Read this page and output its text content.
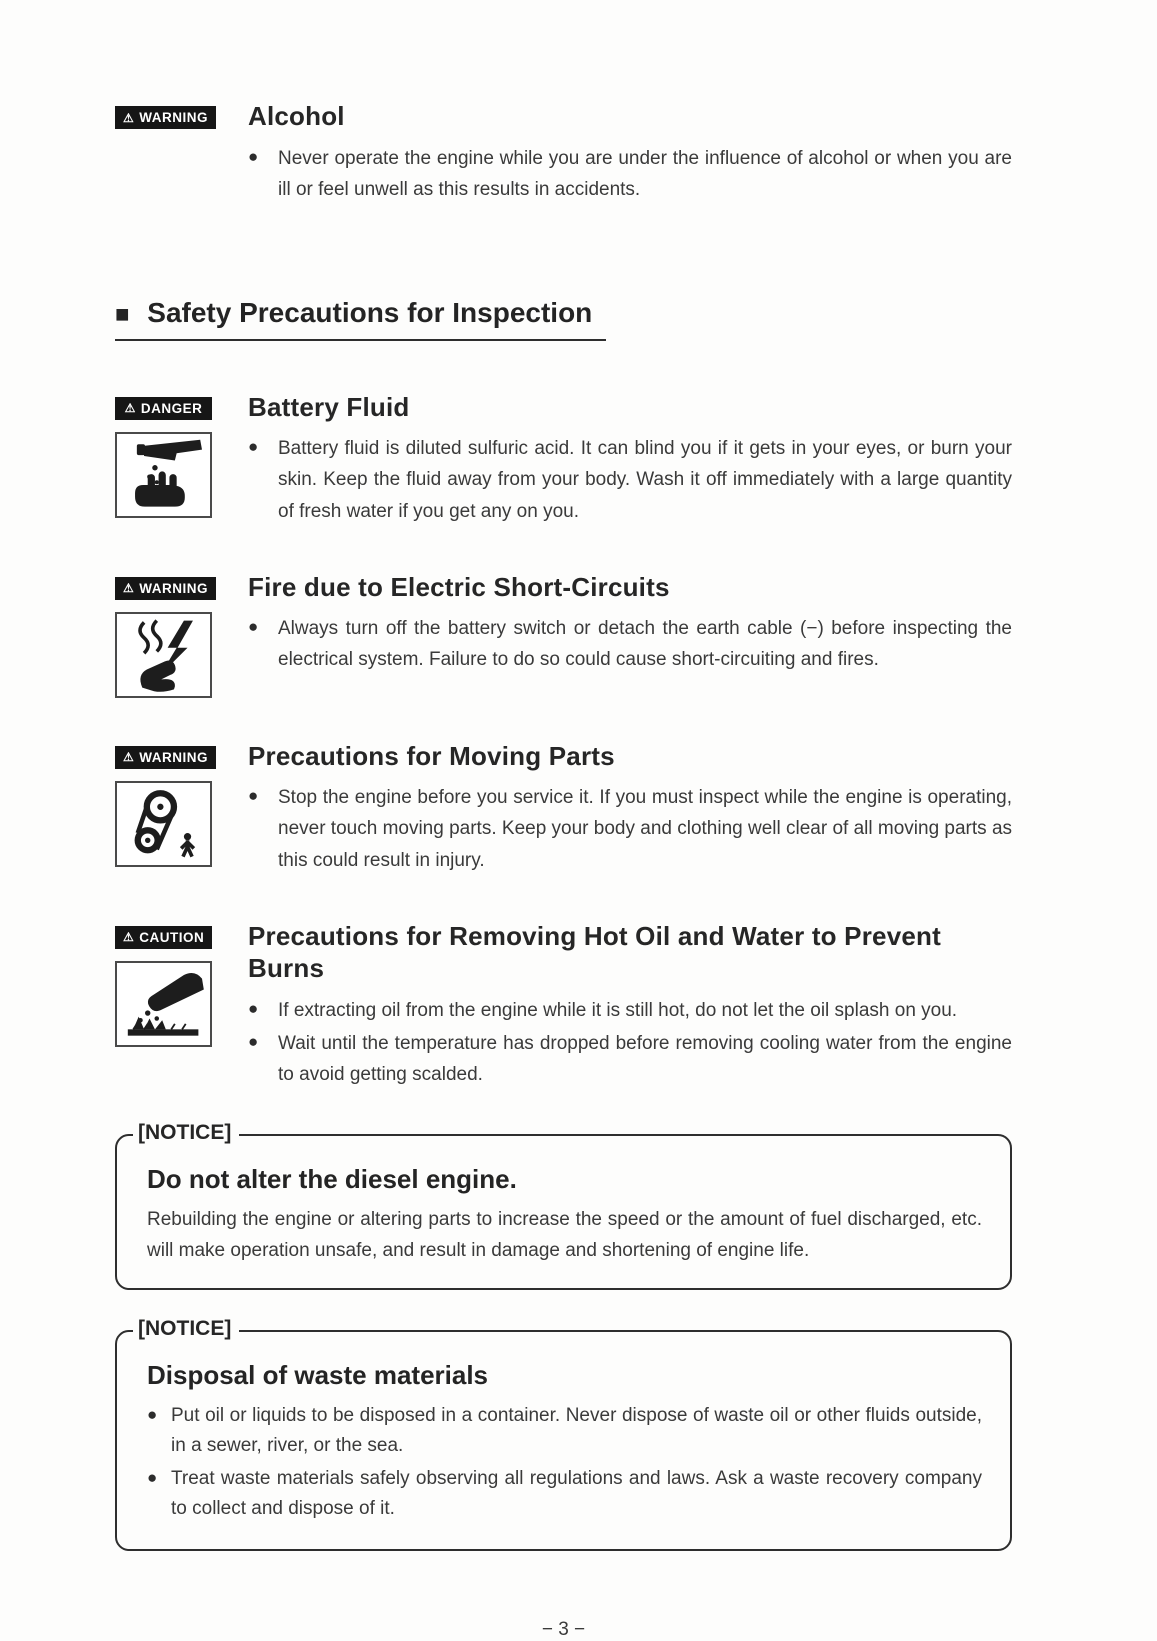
⚠ WARNING Alcohol

● Never operate the engine while you are under the influence of alcohol or when you are ill or feel unwell as this results in accidents.

■ Safety Precautions for Inspection
⚠ DANGER Battery Fluid

● Battery fluid is diluted sulfuric acid. It can blind you if it gets in your eyes, or burn your skin. Keep the fluid away from your body. Wash it off immediately with a large quantity of fresh water if you get any on you.

⚠ WARNING Fire due to Electric Short-Circuits

● Always turn off the battery switch or detach the earth cable (−) before inspecting the electrical system. Failure to do so could cause short-circuiting and fires.

⚠ WARNING Precautions for Moving Parts

● Stop the engine before you service it. If you must inspect while the engine is operating, never touch moving parts. Keep your body and clothing well clear of all moving parts as this could result in injury.

⚠ CAUTION Precautions for Removing Hot Oil and Water to Prevent Burns

● If extracting oil from the engine while it is still hot, do not let the oil splash on you.

● Wait until the temperature has dropped before removing cooling water from the engine to avoid getting scalded.

[NOTICE]
Do not alter the diesel engine.

Rebuilding the engine or altering parts to increase the speed or the amount of fuel discharged, etc. will make operation unsafe, and result in damage and shortening of engine life.

[NOTICE]
Disposal of waste materials

● Put oil or liquids to be disposed in a container. Never dispose of waste oil or other fluids outside, in a sewer, river, or the sea.

● Treat waste materials safely observing all regulations and laws. Ask a waste recovery company to collect and dispose of it.

− 3 −
